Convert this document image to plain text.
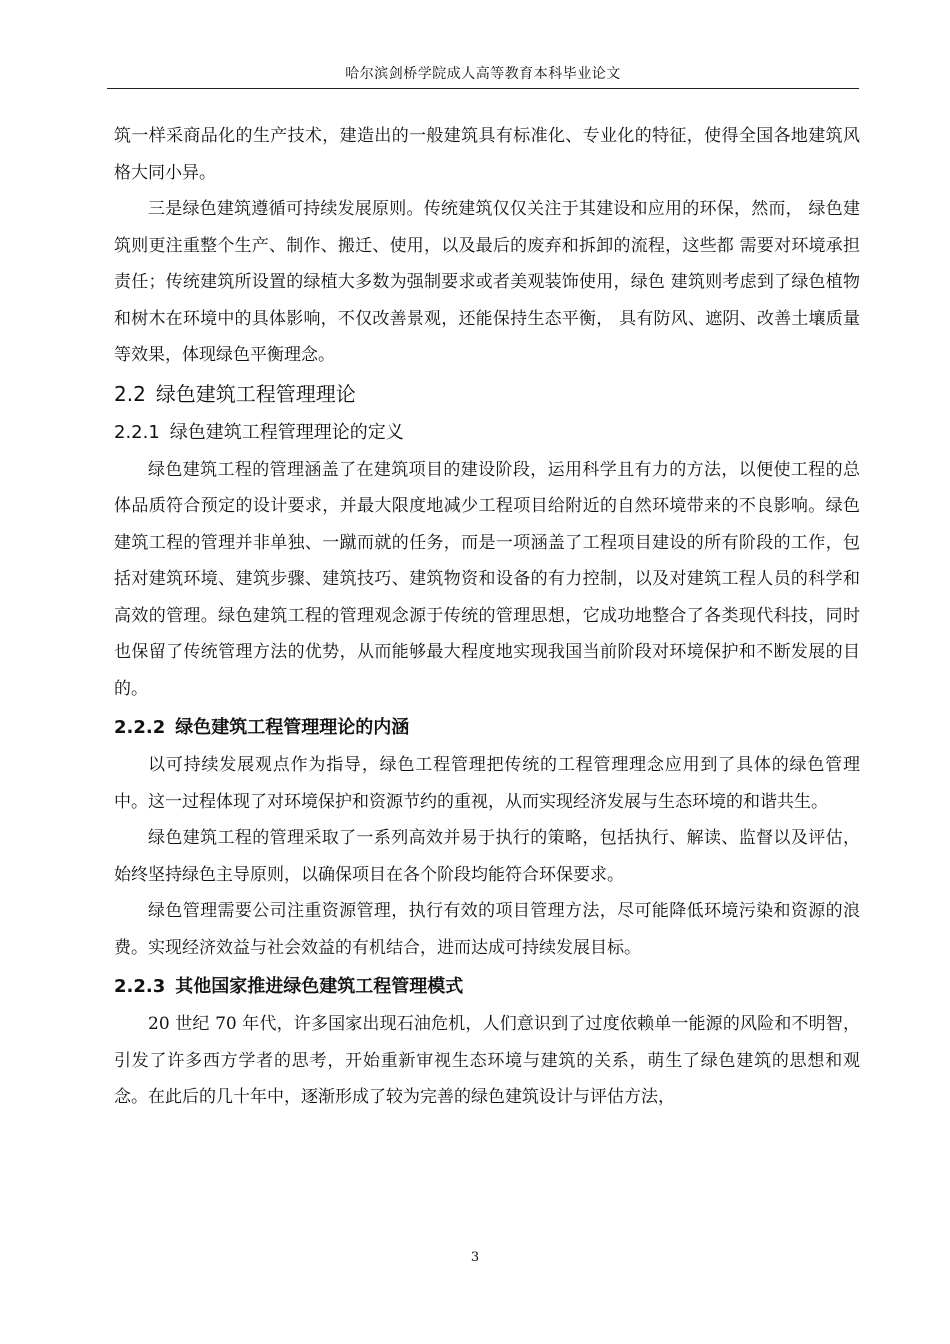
哈尔滨剑桥学院成人高等教育本科毕业论文

筑一样采商品化的生产技术，建造出的一般建筑具有标准化、专业化的特征，使得全国各地建筑风格大同小异。

三是绿色建筑遵循可持续发展原则。传统建筑仅仅关注于其建设和应用的环保，然而， 绿色建筑则更注重整个生产、制作、搬迁、使用，以及最后的废弃和拆卸的流程，这些都 需要对环境承担责任；传统建筑所设置的绿植大多数为强制要求或者美观装饰使用，绿色 建筑则考虑到了绿色植物和树木在环境中的具体影响，不仅改善景观，还能保持生态平衡， 具有防风、遮阴、改善土壤质量等效果，体现绿色平衡理念。

2.2 绿色建筑工程管理理论
2.2.1 绿色建筑工程管理理论的定义

绿色建筑工程的管理涵盖了在建筑项目的建设阶段，运用科学且有力的方法，以便使工程的总体品质符合预定的设计要求，并最大限度地减少工程项目给附近的自然环境带来的不良影响。绿色建筑工程的管理并非单独、一蹴而就的任务，而是一项涵盖了工程项目建设的所有阶段的工作，包括对建筑环境、建筑步骤、建筑技巧、建筑物资和设备的有力控制，以及对建筑工程人员的科学和高效的管理。绿色建筑工程的管理观念源于传统的管理思想，它成功地整合了各类现代科技，同时也保留了传统管理方法的优势，从而能够最大程度地实现我国当前阶段对环境保护和不断发展的目的。

2.2.2 绿色建筑工程管理理论的内涵

以可持续发展观点作为指导，绿色工程管理把传统的工程管理理念应用到了具体的绿色管理中。这一过程体现了对环境保护和资源节约的重视，从而实现经济发展与生态环境的和谐共生。

绿色建筑工程的管理采取了一系列高效并易于执行的策略，包括执行、解读、监督以及评估，始终坚持绿色主导原则，以确保项目在各个阶段均能符合环保要求。

绿色管理需要公司注重资源管理，执行有效的项目管理方法，尽可能降低环境污染和资源的浪费。实现经济效益与社会效益的有机结合，进而达成可持续发展目标。

2.2.3 其他国家推进绿色建筑工程管理模式

20 世纪 70 年代，许多国家出现石油危机，人们意识到了过度依赖单一能源的风险和不明智，引发了许多西方学者的思考，开始重新审视生态环境与建筑的关系，萌生了绿色建筑的思想和观念。在此后的几十年中，逐渐形成了较为完善的绿色建筑设计与评估方法，

3
